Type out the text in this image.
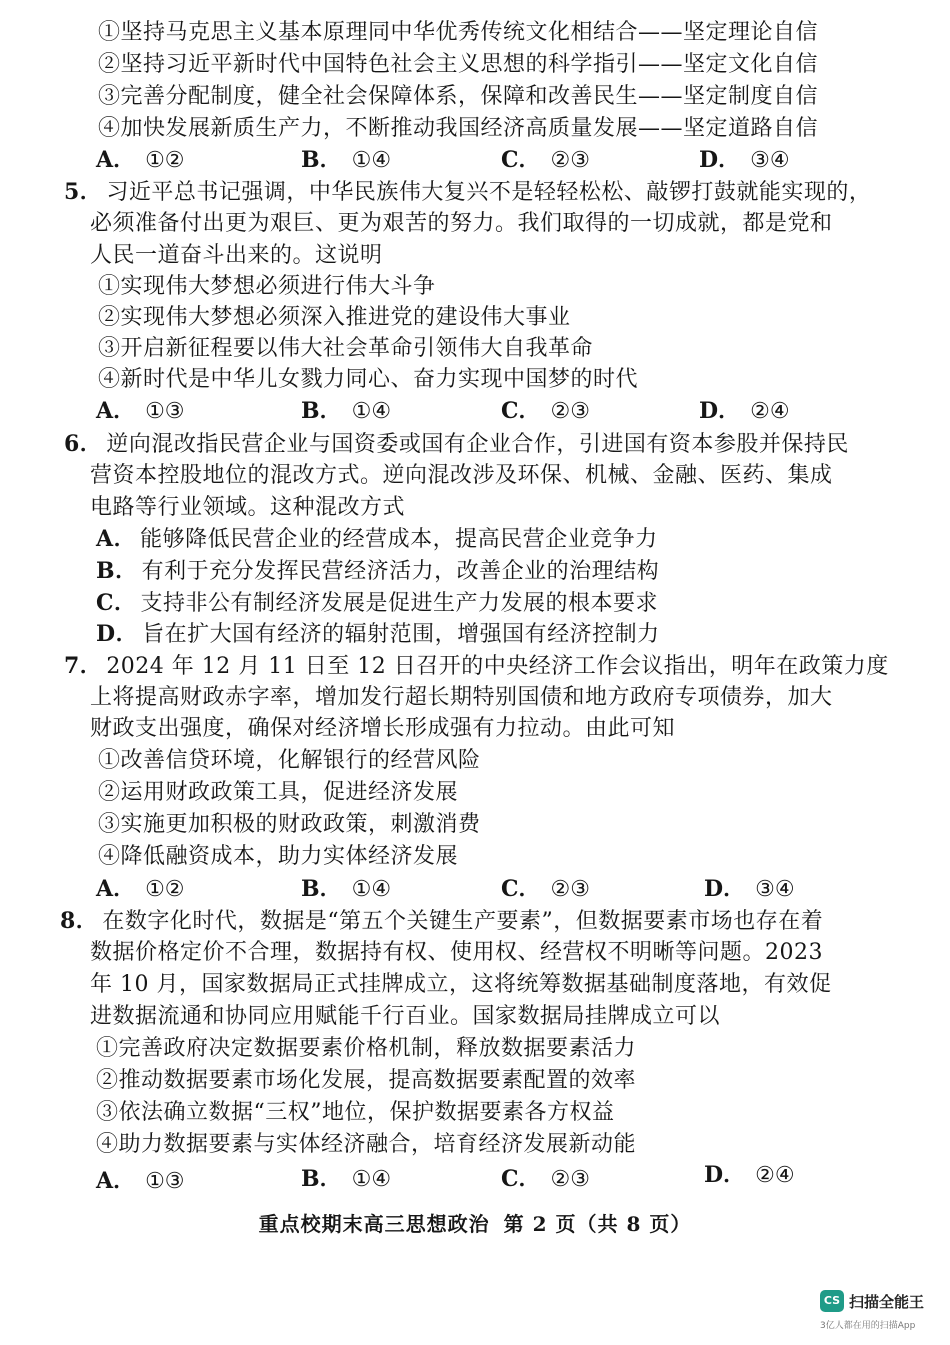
①坚持马克思主义基本原理同中华优秀传统文化相结合——坚定理论自信
②坚持习近平新时代中国特色社会主义思想的科学指引——坚定文化自信
③完善分配制度，健全社会保障体系，保障和改善民生——坚定制度自信
④加快发展新质生产力，不断推动我国经济高质量发展——坚定道路自信
A． ①②	B． ①④	C． ②③	D． ③④
5． 习近平总书记强调，中华民族伟大复兴不是轻轻松松、敲锣打鼓就能实现的，
必须准备付出更为艰巨、更为艰苦的努力。我们取得的一切成就，都是党和
人民一道奋斗出来的。这说明
①实现伟大梦想必须进行伟大斗争
②实现伟大梦想必须深入推进党的建设伟大事业
③开启新征程要以伟大社会革命引领伟大自我革命
④新时代是中华儿女戮力同心、奋力实现中国梦的时代
A． ①③	B． ①④	C． ②③	D． ②④
6． 逆向混改指民营企业与国资委或国有企业合作，引进国有资本参股并保持民
营资本控股地位的混改方式。逆向混改涉及环保、机械、金融、医药、集成
电路等行业领域。这种混改方式
A． 能够降低民营企业的经营成本，提高民营企业竞争力
B． 有利于充分发挥民营经济活力，改善企业的治理结构
C． 支持非公有制经济发展是促进生产力发展的根本要求
D． 旨在扩大国有经济的辐射范围，增强国有经济控制力
7． 2024 年 12 月 11 日至 12 日召开的中央经济工作会议指出，明年在政策力度
上将提高财政赤字率，增加发行超长期特别国债和地方政府专项债券，加大
财政支出强度，确保对经济增长形成强有力拉动。由此可知
①改善信贷环境，化解银行的经营风险
②运用财政政策工具，促进经济发展
③实施更加积极的财政政策，刺激消费
④降低融资成本，助力实体经济发展
A． ①②	B． ①④	C． ②③	D． ③④
8． 在数字化时代，数据是“第五个关键生产要素”，但数据要素市场也存在着
数据价格定价不合理，数据持有权、使用权、经营权不明晰等问题。2023
年 10 月，国家数据局正式挂牌成立，这将统筹数据基础制度落地，有效促
进数据流通和协同应用赋能千行百业。国家数据局挂牌成立可以
①完善政府决定数据要素价格机制，释放数据要素活力
②推动数据要素市场化发展，提高数据要素配置的效率
③依法确立数据“三权”地位，保护数据要素各方权益
④助力数据要素与实体经济融合，培育经济发展新动能
A． ①③	B． ①④	C． ②③	D． ②④
重点校期末高三思想政治 第 2 页（共 8 页）
CS 扫描全能王
3亿人都在用的扫描App
